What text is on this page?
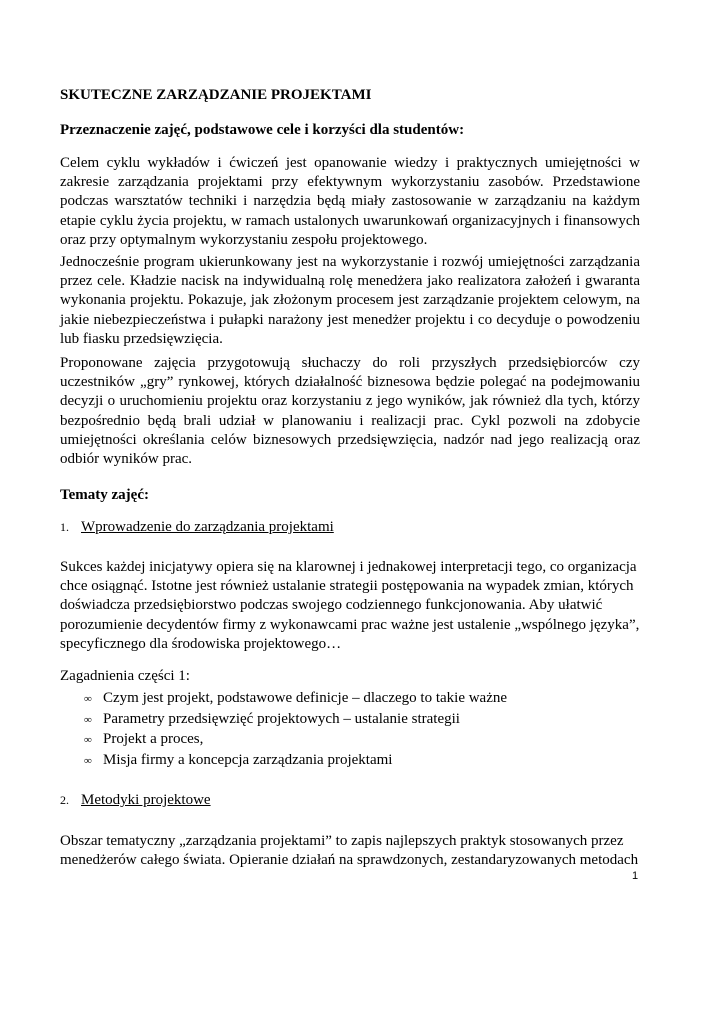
SKUTECZNE ZARZĄDZANIE PROJEKTAMI
Przeznaczenie zajęć, podstawowe cele i korzyści dla studentów:

Celem cyklu wykładów i ćwiczeń jest opanowanie wiedzy i praktycznych umiejętności w zakresie zarządzania projektami przy efektywnym wykorzystaniu zasobów. Przedstawione podczas warsztatów techniki i narzędzia będą miały zastosowanie w zarządzaniu na każdym etapie cyklu życia projektu, w ramach ustalonych uwarunkowań organizacyjnych i finansowych oraz przy optymalnym wykorzystaniu zespołu projektowego.

Jednocześnie program ukierunkowany jest na wykorzystanie i rozwój umiejętności zarządzania przez cele. Kładzie nacisk na indywidualną rolę menedżera jako realizatora założeń i gwaranta wykonania projektu. Pokazuje, jak złożonym procesem jest zarządzanie projektem celowym, na jakie niebezpieczeństwa i pułapki narażony jest menedżer projektu i co decyduje o powodzeniu lub fiasku przedsięwzięcia.

Proponowane zajęcia przygotowują słuchaczy do roli przyszłych przedsiębiorców czy uczestników „gry” rynkowej, których działalność biznesowa będzie polegać na podejmowaniu decyzji o uruchomieniu projektu oraz korzystaniu z jego wyników, jak również dla tych, którzy bezpośrednio będą brali udział w planowaniu i realizacji prac. Cykl pozwoli na zdobycie umiejętności określania celów biznesowych przedsięwzięcia, nadzór nad jego realizacją oraz odbiór wyników prac.

Tematy zajęć:
1. Wprowadzenie do zarządzania projektami

Sukces każdej inicjatywy opiera się na klarownej i jednakowej interpretacji tego, co organizacja chce osiągnąć. Istotne jest również ustalanie strategii postępowania na wypadek zmian, których doświadcza przedsiębiorstwo podczas swojego codziennego funkcjonowania. Aby ułatwić porozumienie decydentów firmy z wykonawcami prac ważne jest ustalenie „wspólnego języka”, specyficznego dla środowiska projektowego…

Zagadnienia części 1:
∞ Czym jest projekt, podstawowe definicje – dlaczego to takie ważne
∞ Parametry przedsięwzięć projektowych – ustalanie strategii
∞ Projekt a proces,
∞ Misja firmy a koncepcja zarządzania projektami
2. Metodyki projektowe

Obszar tematyczny „zarządzania projektami” to zapis najlepszych praktyk stosowanych przez menedżerów całego świata. Opieranie działań na sprawdzonych, zestandaryzowanych metodach

1
